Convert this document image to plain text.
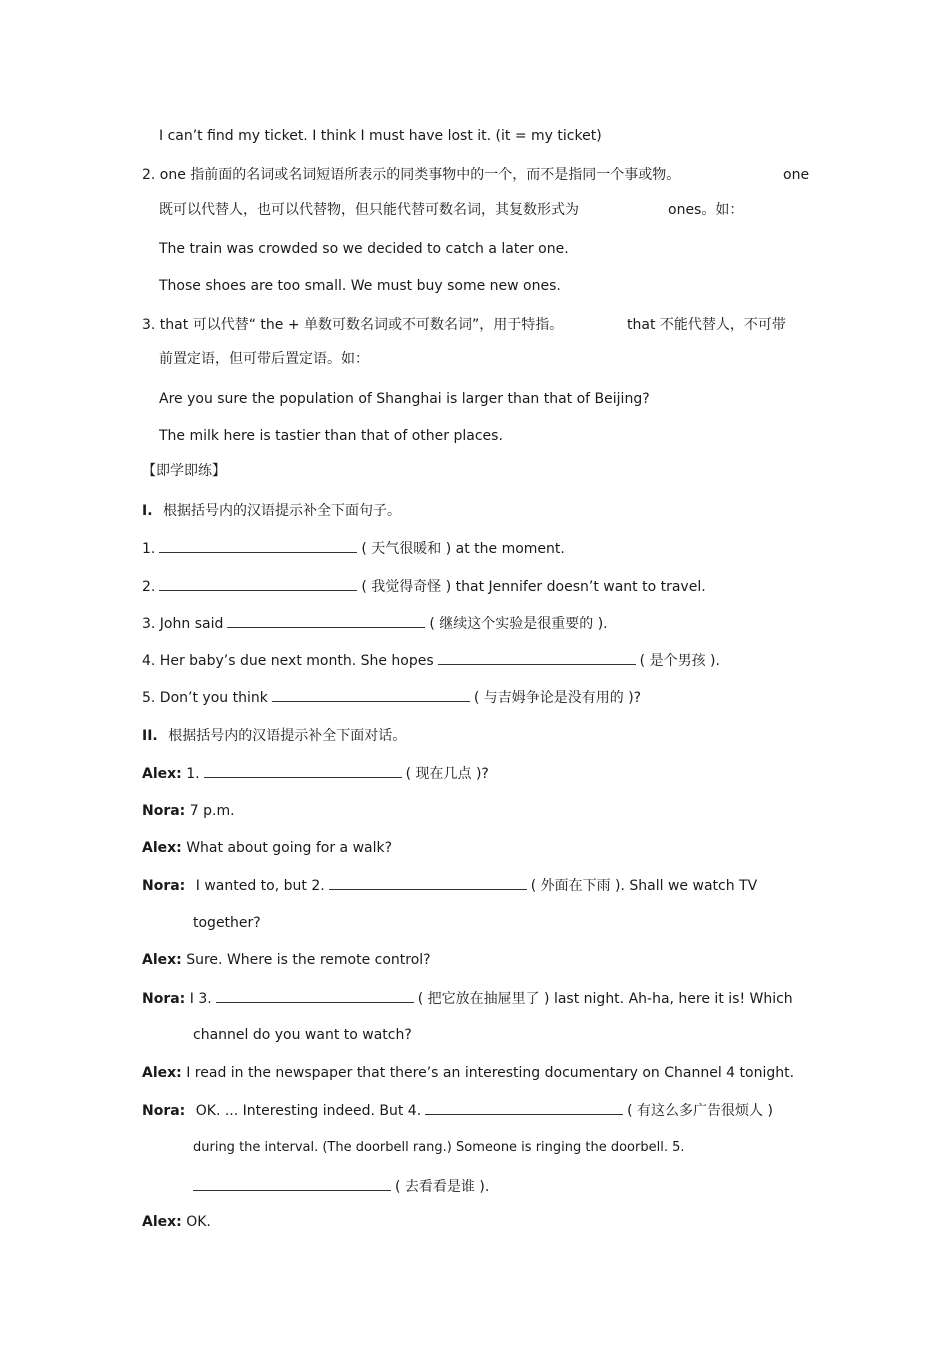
I can’t find my ticket. I think I must have lost it. (it = my ticket)
2. one 指前面的名词或名词短语所表示的同类事物中的一个，而不是指同一个事或物。	one
既可以代替人，也可以代替物，但只能代替可数名词，其复数形式为	ones。如：
The train was crowded so we decided to catch a later one.
Those shoes are too small. We must buy some new ones.
3. that 可以代替“ the + 单数可数名词或不可数名词”，用于特指。	that 不能代替人，不可带
前置定语，但可带后置定语。如：
Are you sure the population of Shanghai is larger than that of Beijing?
The milk here is tastier than that of other places.
【即学即练】
I. 根据括号内的汉语提示补全下面句子。
1.	( 天气很暖和 ) at the moment.
2.	( 我觉得奇怪 ) that Jennifer doesn’t want to travel.
3. John said	( 继续这个实验是很重要的 ).
4. Her baby’s due next month. She hopes	( 是个男孩 ).
5. Don’t you think	( 与吉姆争论是没有用的 )?
II. 根据括号内的汉语提示补全下面对话。
Alex: 1.	( 现在几点 )?
Nora: 7 p.m.
Alex: What about going for a walk?
Nora: I wanted to, but 2.	( 外面在下雨 ). Shall we watch TV
together?
Alex: Sure. Where is the remote control?
Nora: I 3.	( 把它放在抽屉里了 ) last night. Ah-ha, here it is! Which
channel do you want to watch?
Alex: I read in the newspaper that there’s an interesting documentary on Channel 4 tonight.
Nora: OK. ... Interesting indeed. But 4.	( 有这么多广告很烦人 )
during the interval. (The doorbell rang.) Someone is ringing the doorbell. 5.
( 去看看是谁 ).
Alex: OK.
